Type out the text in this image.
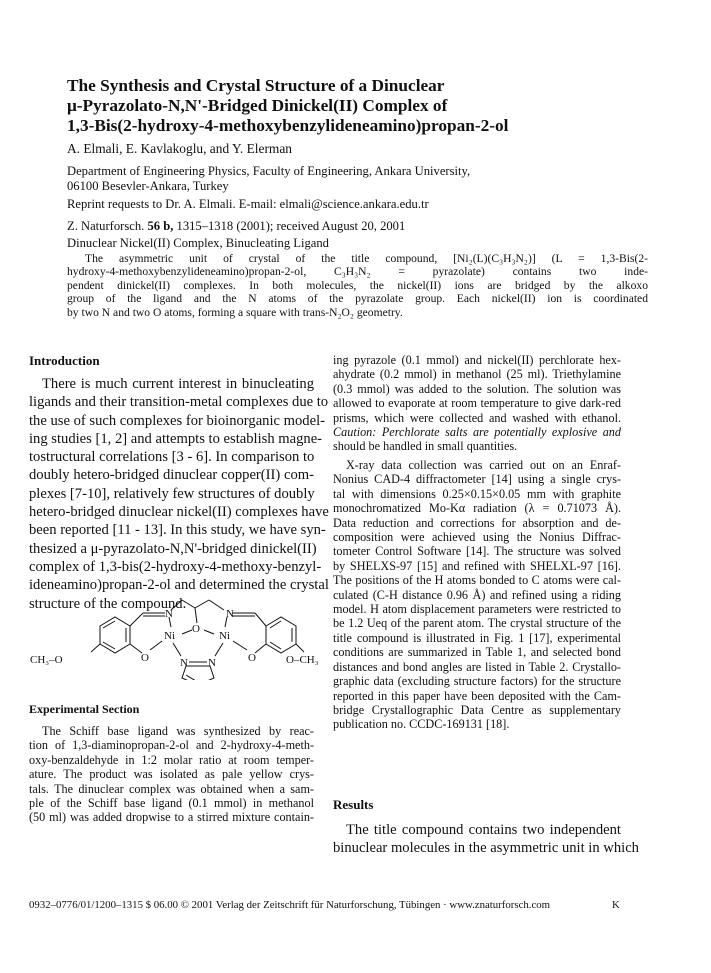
The Synthesis and Crystal Structure of a Dinuclear
μ-Pyrazolato-N,N'-Bridged Dinickel(II) Complex of
1,3-Bis(2-hydroxy-4-methoxybenzylideneamino)propan-2-ol
A. Elmali, E. Kavlakoglu, and Y. Elerman
Department of Engineering Physics, Faculty of Engineering, Ankara University,
06100 Besevler-Ankara, Turkey
Reprint requests to Dr. A. Elmali. E-mail: elmali@science.ankara.edu.tr
Z. Naturforsch. 56 b, 1315–1318 (2001); received August 20, 2001
Dinuclear Nickel(II) Complex, Binucleating Ligand
The asymmetric unit of crystal of the title compound, [Ni₂(L)(C₃H₃N₂)] (L = 1,3-Bis(2-
hydroxy-4-methoxybenzylideneamino)propan-2-ol, C₃H₃N₂ = pyrazolate) contains two inde-
pendent dinickel(II) complexes. In both molecules, the nickel(II) ions are bridged by the alkoxo
group of the ligand and the N atoms of the pyrazolate group. Each nickel(II) ion is coordinated
by two N and two O atoms, forming a square with trans-N₂O₂ geometry.
Introduction
There is much current interest in binucleating
ligands and their transition-metal complexes due to
the use of such complexes for bioinorganic model-
ing studies [1, 2] and attempts to establish magne-
tostructural correlations [3 - 6]. In comparison to
doubly hetero-bridged dinuclear copper(II) com-
plexes [7-10], relatively few structures of doubly
hetero-bridged dinuclear nickel(II) complexes have
been reported [11 - 13]. In this study, we have syn-
thesized a μ-pyrazolato-N,N'-bridged dinickel(II)
complex of 1,3-bis(2-hydroxy-4-methoxy-benzyl-
ideneamino)propan-2-ol and determined the crystal
structure of the compound.
N	N
O
Ni	Ni
O	O
N N
CH₃–O	O–CH₃
Experimental Section
The Schiff base ligand was synthesized by reac-
tion of 1,3-diaminopropan-2-ol and 2-hydroxy-4-meth-
oxy-benzaldehyde in 1:2 molar ratio at room temper-
ature. The product was isolated as pale yellow crys-
tals. The dinuclear complex was obtained when a sam-
ple of the Schiff base ligand (0.1 mmol) in methanol
(50 ml) was added dropwise to a stirred mixture contain-
ing pyrazole (0.1 mmol) and nickel(II) perchlorate hex-
ahydrate (0.2 mmol) in methanol (25 ml). Triethylamine
(0.3 mmol) was added to the solution. The solution was
allowed to evaporate at room temperature to give dark-red
prisms, which were collected and washed with ethanol.
Caution: Perchlorate salts are potentially explosive and
should be handled in small quantities.
X-ray data collection was carried out on an Enraf-
Nonius CAD-4 diffractometer [14] using a single crys-
tal with dimensions 0.25×0.15×0.05 mm with graphite
monochromatized Mo-Kα radiation (λ = 0.71073 Å).
Data reduction and corrections for absorption and de-
composition were achieved using the Nonius Diffrac-
tometer Control Software [14]. The structure was solved
by SHELXS-97 [15] and refined with SHELXL-97 [16].
The positions of the H atoms bonded to C atoms were cal-
culated (C-H distance 0.96 Å) and refined using a riding
model. H atom displacement parameters were restricted to
be 1.2 Ueq of the parent atom. The crystal structure of the
title compound is illustrated in Fig. 1 [17], experimental
conditions are summarized in Table 1, and selected bond
distances and bond angles are listed in Table 2. Crystallo-
graphic data (excluding structure factors) for the structure
reported in this paper have been deposited with the Cam-
bridge Crystallographic Data Centre as supplementary
publication no. CCDC-169131 [18].
Results
The title compound contains two independent
binuclear molecules in the asymmetric unit in which
0932–0776/01/1200–1315 $ 06.00 © 2001 Verlag der Zeitschrift für Naturforschung, Tübingen · www.znaturforsch.com	K
